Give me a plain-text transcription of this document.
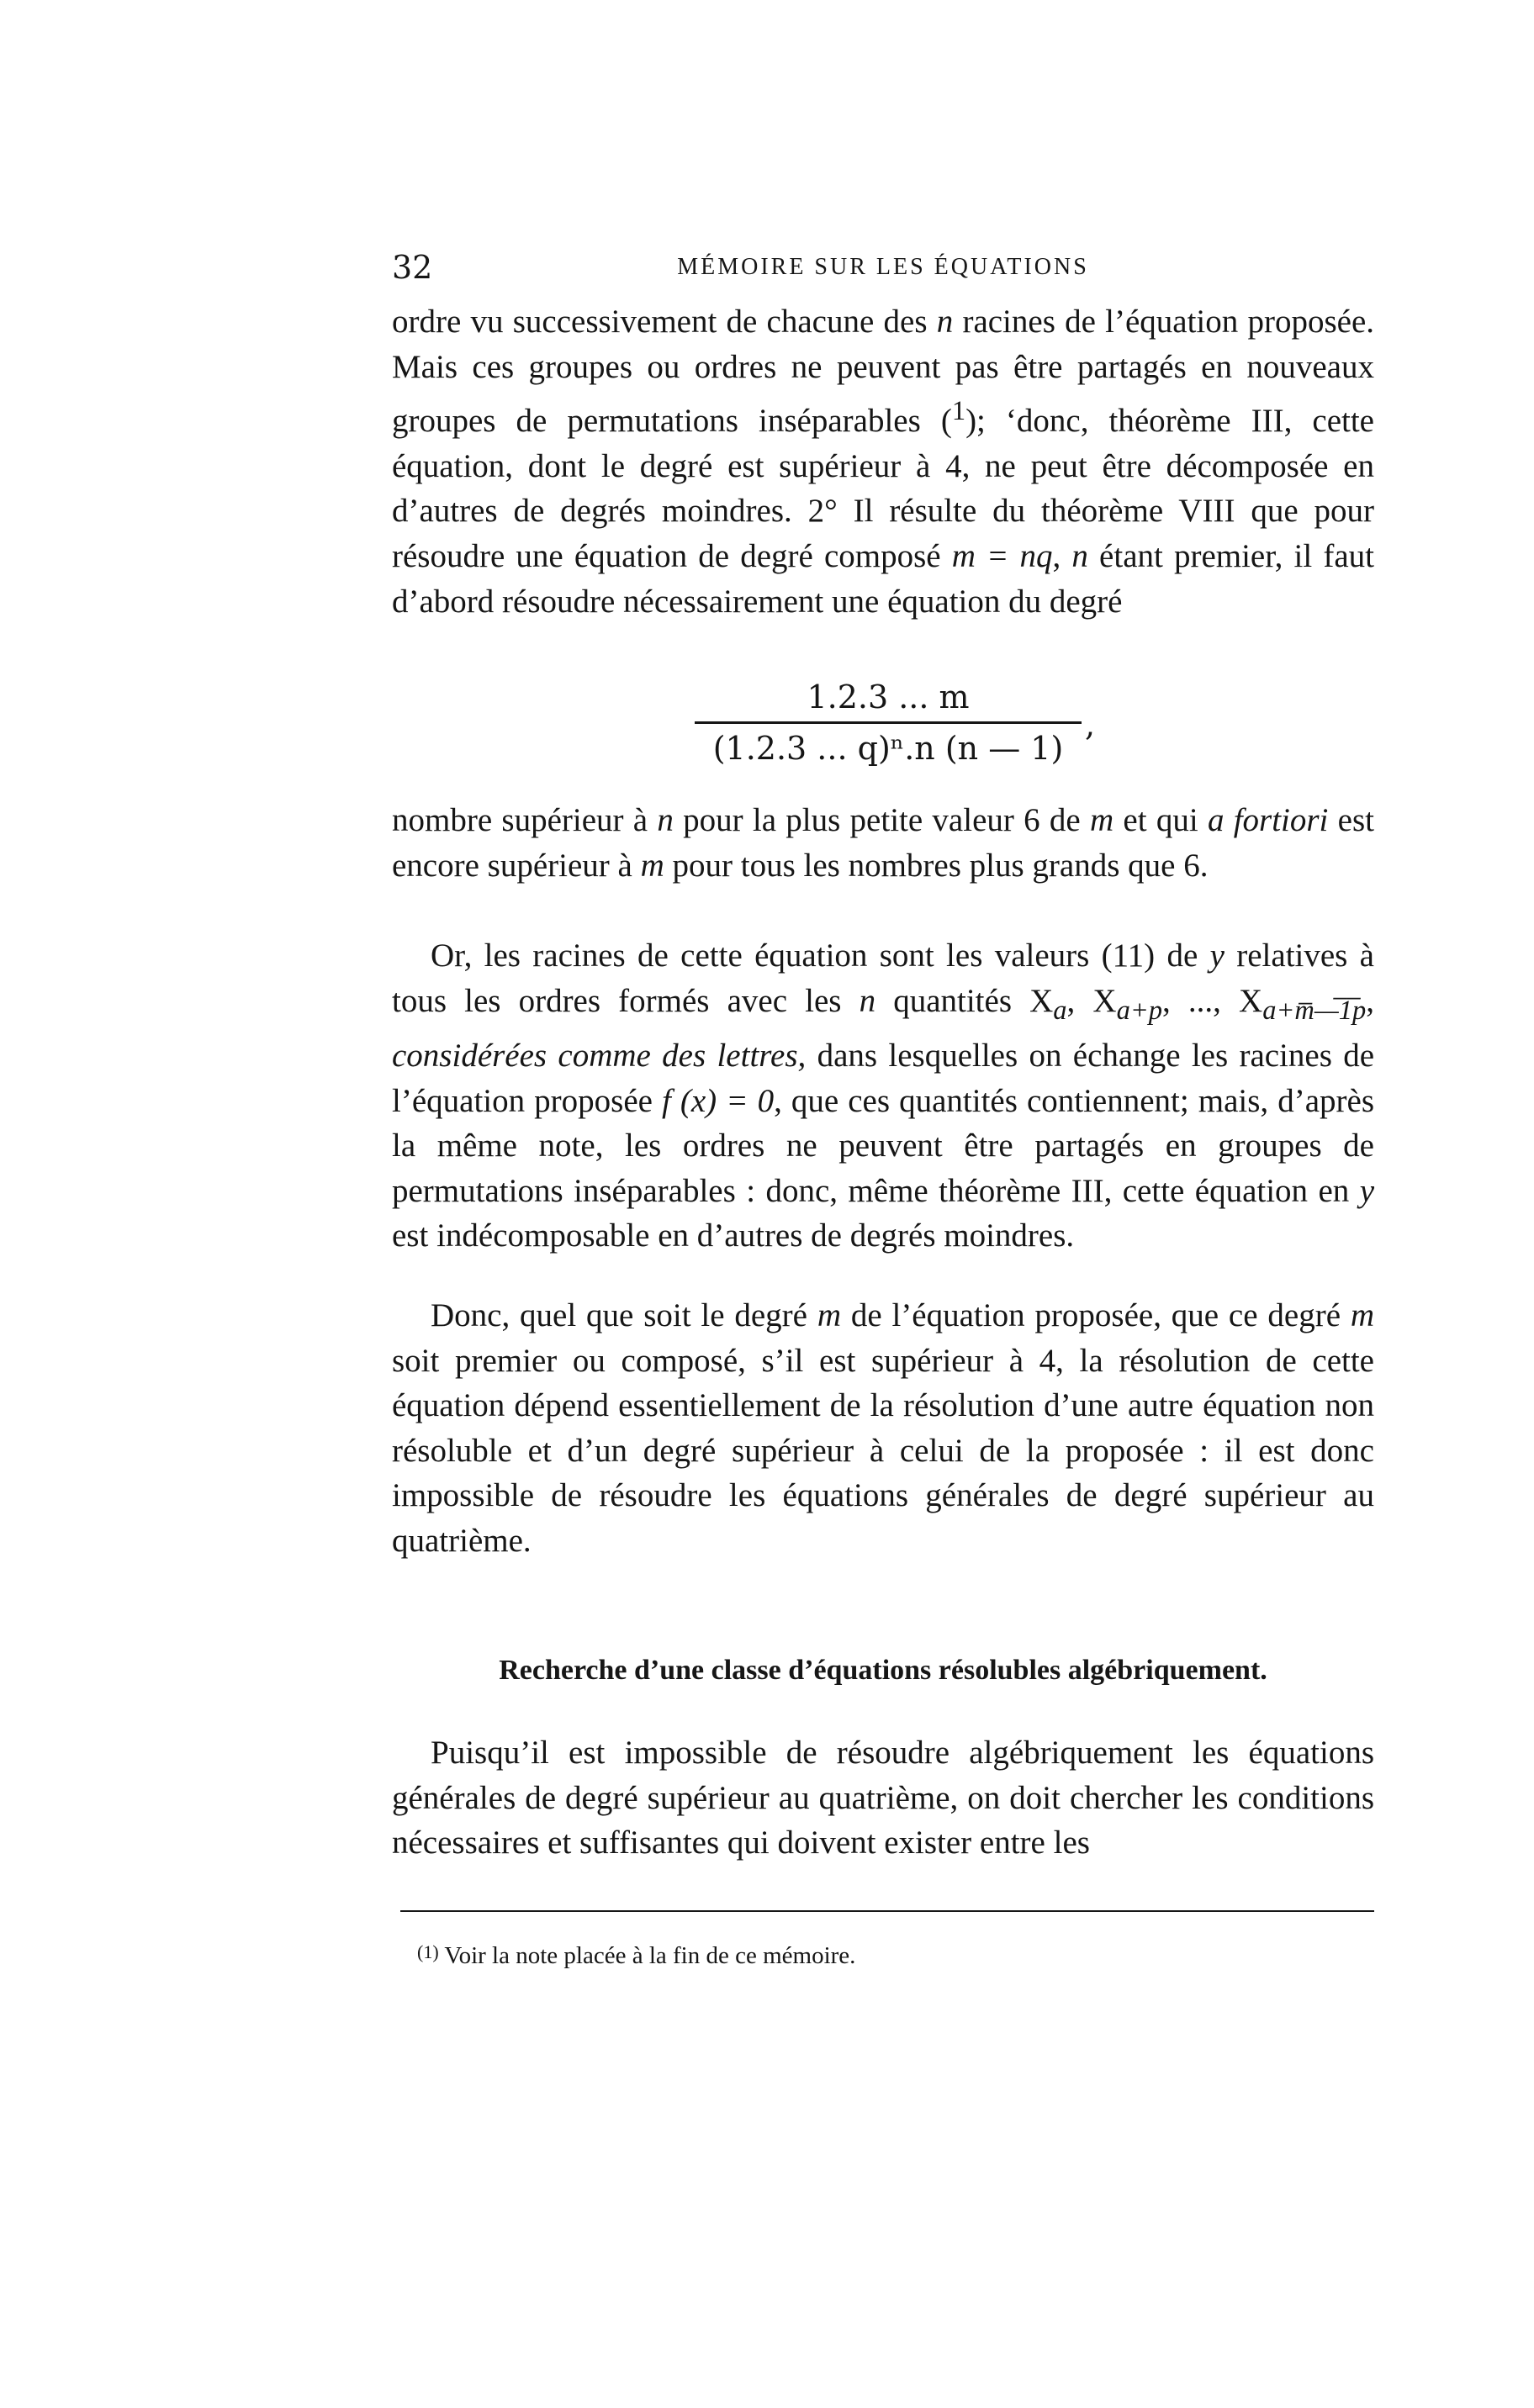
32	MÉMOIRE SUR LES ÉQUATIONS

ordre vu successivement de chacune des n racines de l’équation proposée. Mais ces groupes ou ordres ne peuvent pas être partagés en nouveaux groupes de permutations inséparables ($^1$); ‘donc, théorème III, cette équation, dont le degré est supérieur à 4, ne peut être décomposée en d’autres de degrés moindres. 2° Il résulte du théorème VIII que pour résoudre une équation de degré composé m = nq, n étant premier, il faut d’abord résoudre nécessairement une équation du degré

1.2.3 ... m
(1.2.3 ... q)ⁿ.n (n — 1)
,

nombre supérieur à n pour la plus petite valeur 6 de m et qui a fortiori est encore supérieur à m pour tous les nombres plus grands que 6.

Or, les racines de cette équation sont les valeurs (11) de y relatives à tous les ordres formés avec les n quantités $X_a$, $X_{a+p}$, ..., $X_{a+m̅—̅1̅p}$, considérées comme des lettres, dans lesquelles on échange les racines de l’équation proposée f (x) = 0, que ces quantités contiennent; mais, d’après la même note, les ordres ne peuvent être partagés en groupes de permutations inséparables : donc, même théorème III, cette équation en y est indécomposable en d’autres de degrés moindres.

Donc, quel que soit le degré m de l’équation proposée, que ce degré m soit premier ou composé, s’il est supérieur à 4, la résolution de cette équation dépend essentiellement de la résolution d’une autre équation non résoluble et d’un degré supérieur à celui de la proposée : il est donc impossible de résoudre les équations générales de degré supérieur au quatrième.

Recherche d’une classe d’équations résolubles algébriquement.

Puisqu’il est impossible de résoudre algébriquement les équations générales de degré supérieur au quatrième, on doit chercher les conditions nécessaires et suffisantes qui doivent exister entre les

$^{(1)}$ Voir la note placée à la fin de ce mémoire.
